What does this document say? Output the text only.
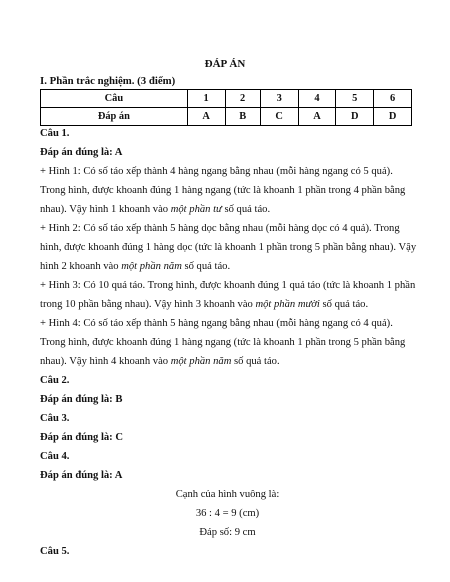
ĐÁP ÁN
I. Phần trắc nghiệm. (3 điểm)
Câu	1	2	3	4	5	6
Đáp án	A	B	C	A	D	D
Câu 1.
Đáp án đúng là: A
+ Hình 1: Có số táo xếp thành 4 hàng ngang bằng nhau (mỗi hàng ngang có 5 quả).
Trong hình, được khoanh đúng 1 hàng ngang (tức là khoanh 1 phần trong 4 phần bằng
nhau). Vậy hình 1 khoanh vào một phần tư số quả táo.
+ Hình 2: Có số táo xếp thành 5 hàng dọc bằng nhau (mỗi hàng dọc có 4 quả). Trong
hình, được khoanh đúng 1 hàng dọc (tức là khoanh 1 phần trong 5 phần bằng nhau). Vậy
hình 2 khoanh vào một phần năm số quả táo.
+ Hình 3: Có 10 quả táo. Trong hình, được khoanh đúng 1 quả táo (tức là khoanh 1 phần
trong 10 phần bằng nhau). Vậy hình 3 khoanh vào một phần mười số quả táo.
+ Hình 4: Có số táo xếp thành 5 hàng ngang bằng nhau (mỗi hàng ngang có 4 quả).
Trong hình, được khoanh đúng 1 hàng ngang (tức là khoanh 1 phần trong 5 phần bằng
nhau). Vậy hình 4 khoanh vào một phần năm số quả táo.
Câu 2.
Đáp án đúng là: B
Câu 3.
Đáp án đúng là: C
Câu 4.
Đáp án đúng là: A
Cạnh của hình vuông là:
36 : 4 = 9 (cm)
Đáp số: 9 cm
Câu 5.
